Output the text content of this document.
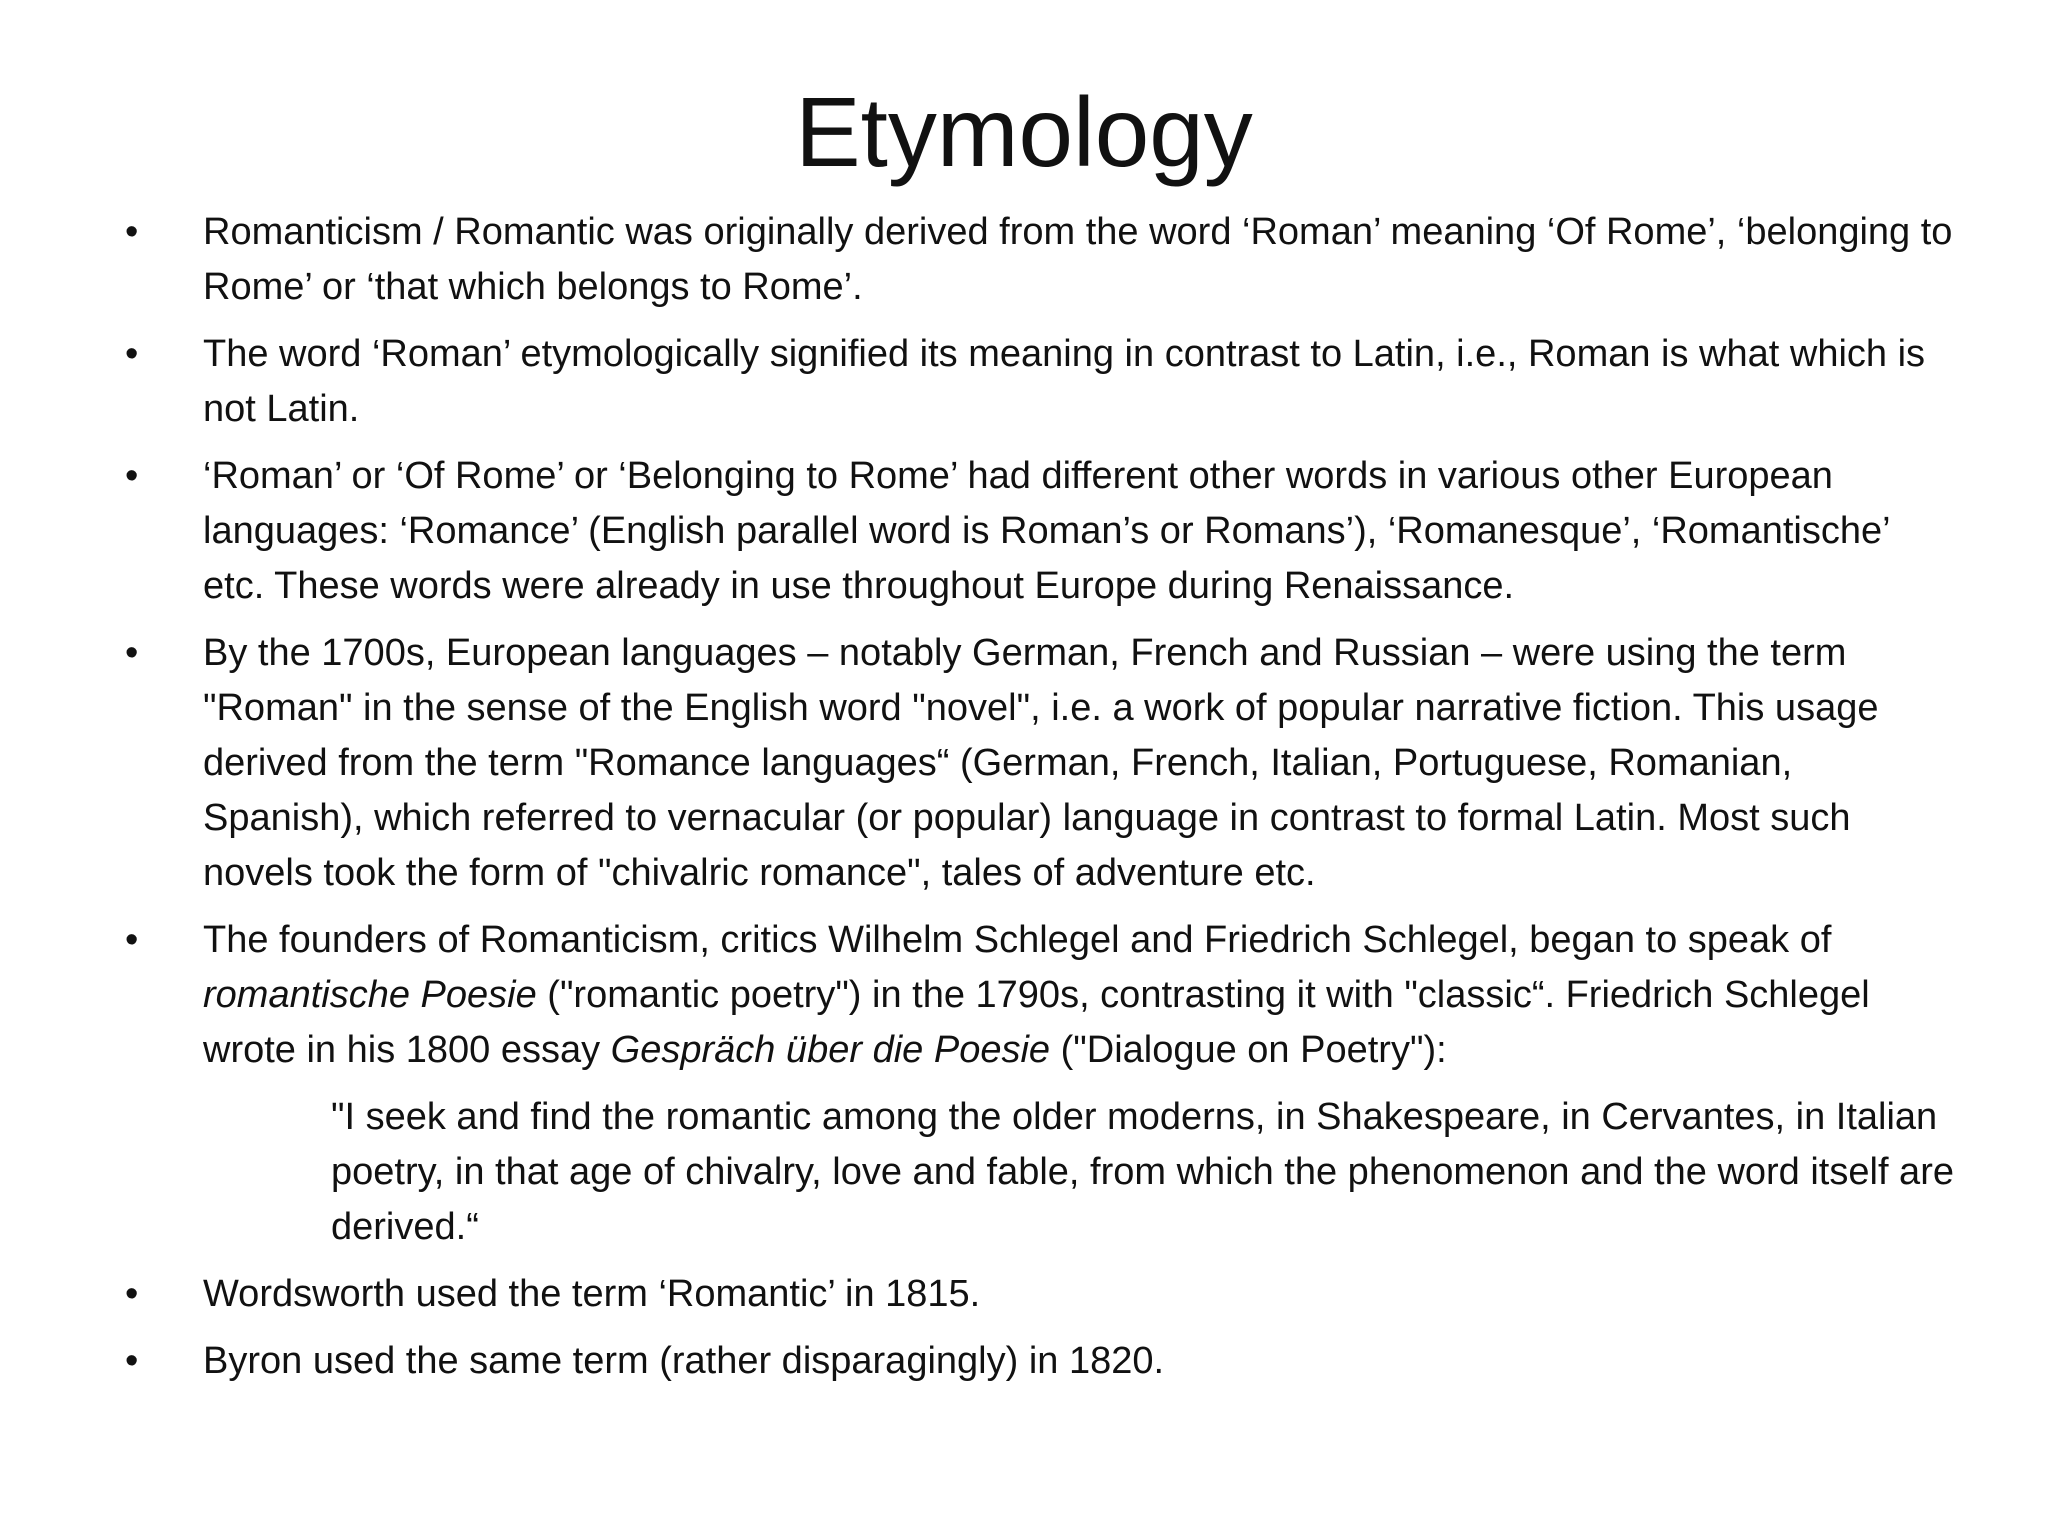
Etymology
•	Romanticism / Romantic was originally derived from the word ‘Roman’ meaning ‘Of Rome’, ‘belonging to Rome’ or ‘that which belongs to Rome’.
•	The word ‘Roman’ etymologically signified its meaning in contrast to Latin, i.e., Roman is what which is not Latin.
•	‘Roman’ or ‘Of Rome’ or ‘Belonging to Rome’ had different other words in various other European languages: ‘Romance’ (English parallel word is Roman’s or Romans’), ‘Romanesque’, ‘Romantische’ etc. These words were already in use throughout Europe during Renaissance.
•	By the 1700s, European languages – notably German, French and Russian – were using the term "Roman" in the sense of the English word "novel", i.e. a work of popular narrative fiction. This usage derived from the term "Romance languages“ (German, French, Italian, Portuguese, Romanian, Spanish), which referred to vernacular (or popular) language in contrast to formal Latin. Most such novels took the form of "chivalric romance", tales of adventure etc.
•	The founders of Romanticism, critics Wilhelm Schlegel and Friedrich Schlegel, began to speak of romantische Poesie ("romantic poetry") in the 1790s, contrasting it with "classic“. Friedrich Schlegel wrote in his 1800 essay Gespräch über die Poesie ("Dialogue on Poetry"):
"I seek and find the romantic among the older moderns, in Shakespeare, in Cervantes, in Italian poetry, in that age of chivalry, love and fable, from which the phenomenon and the word itself are derived.“
•	Wordsworth used the term ‘Romantic’ in 1815.
•	Byron used the same term (rather disparagingly) in 1820.
